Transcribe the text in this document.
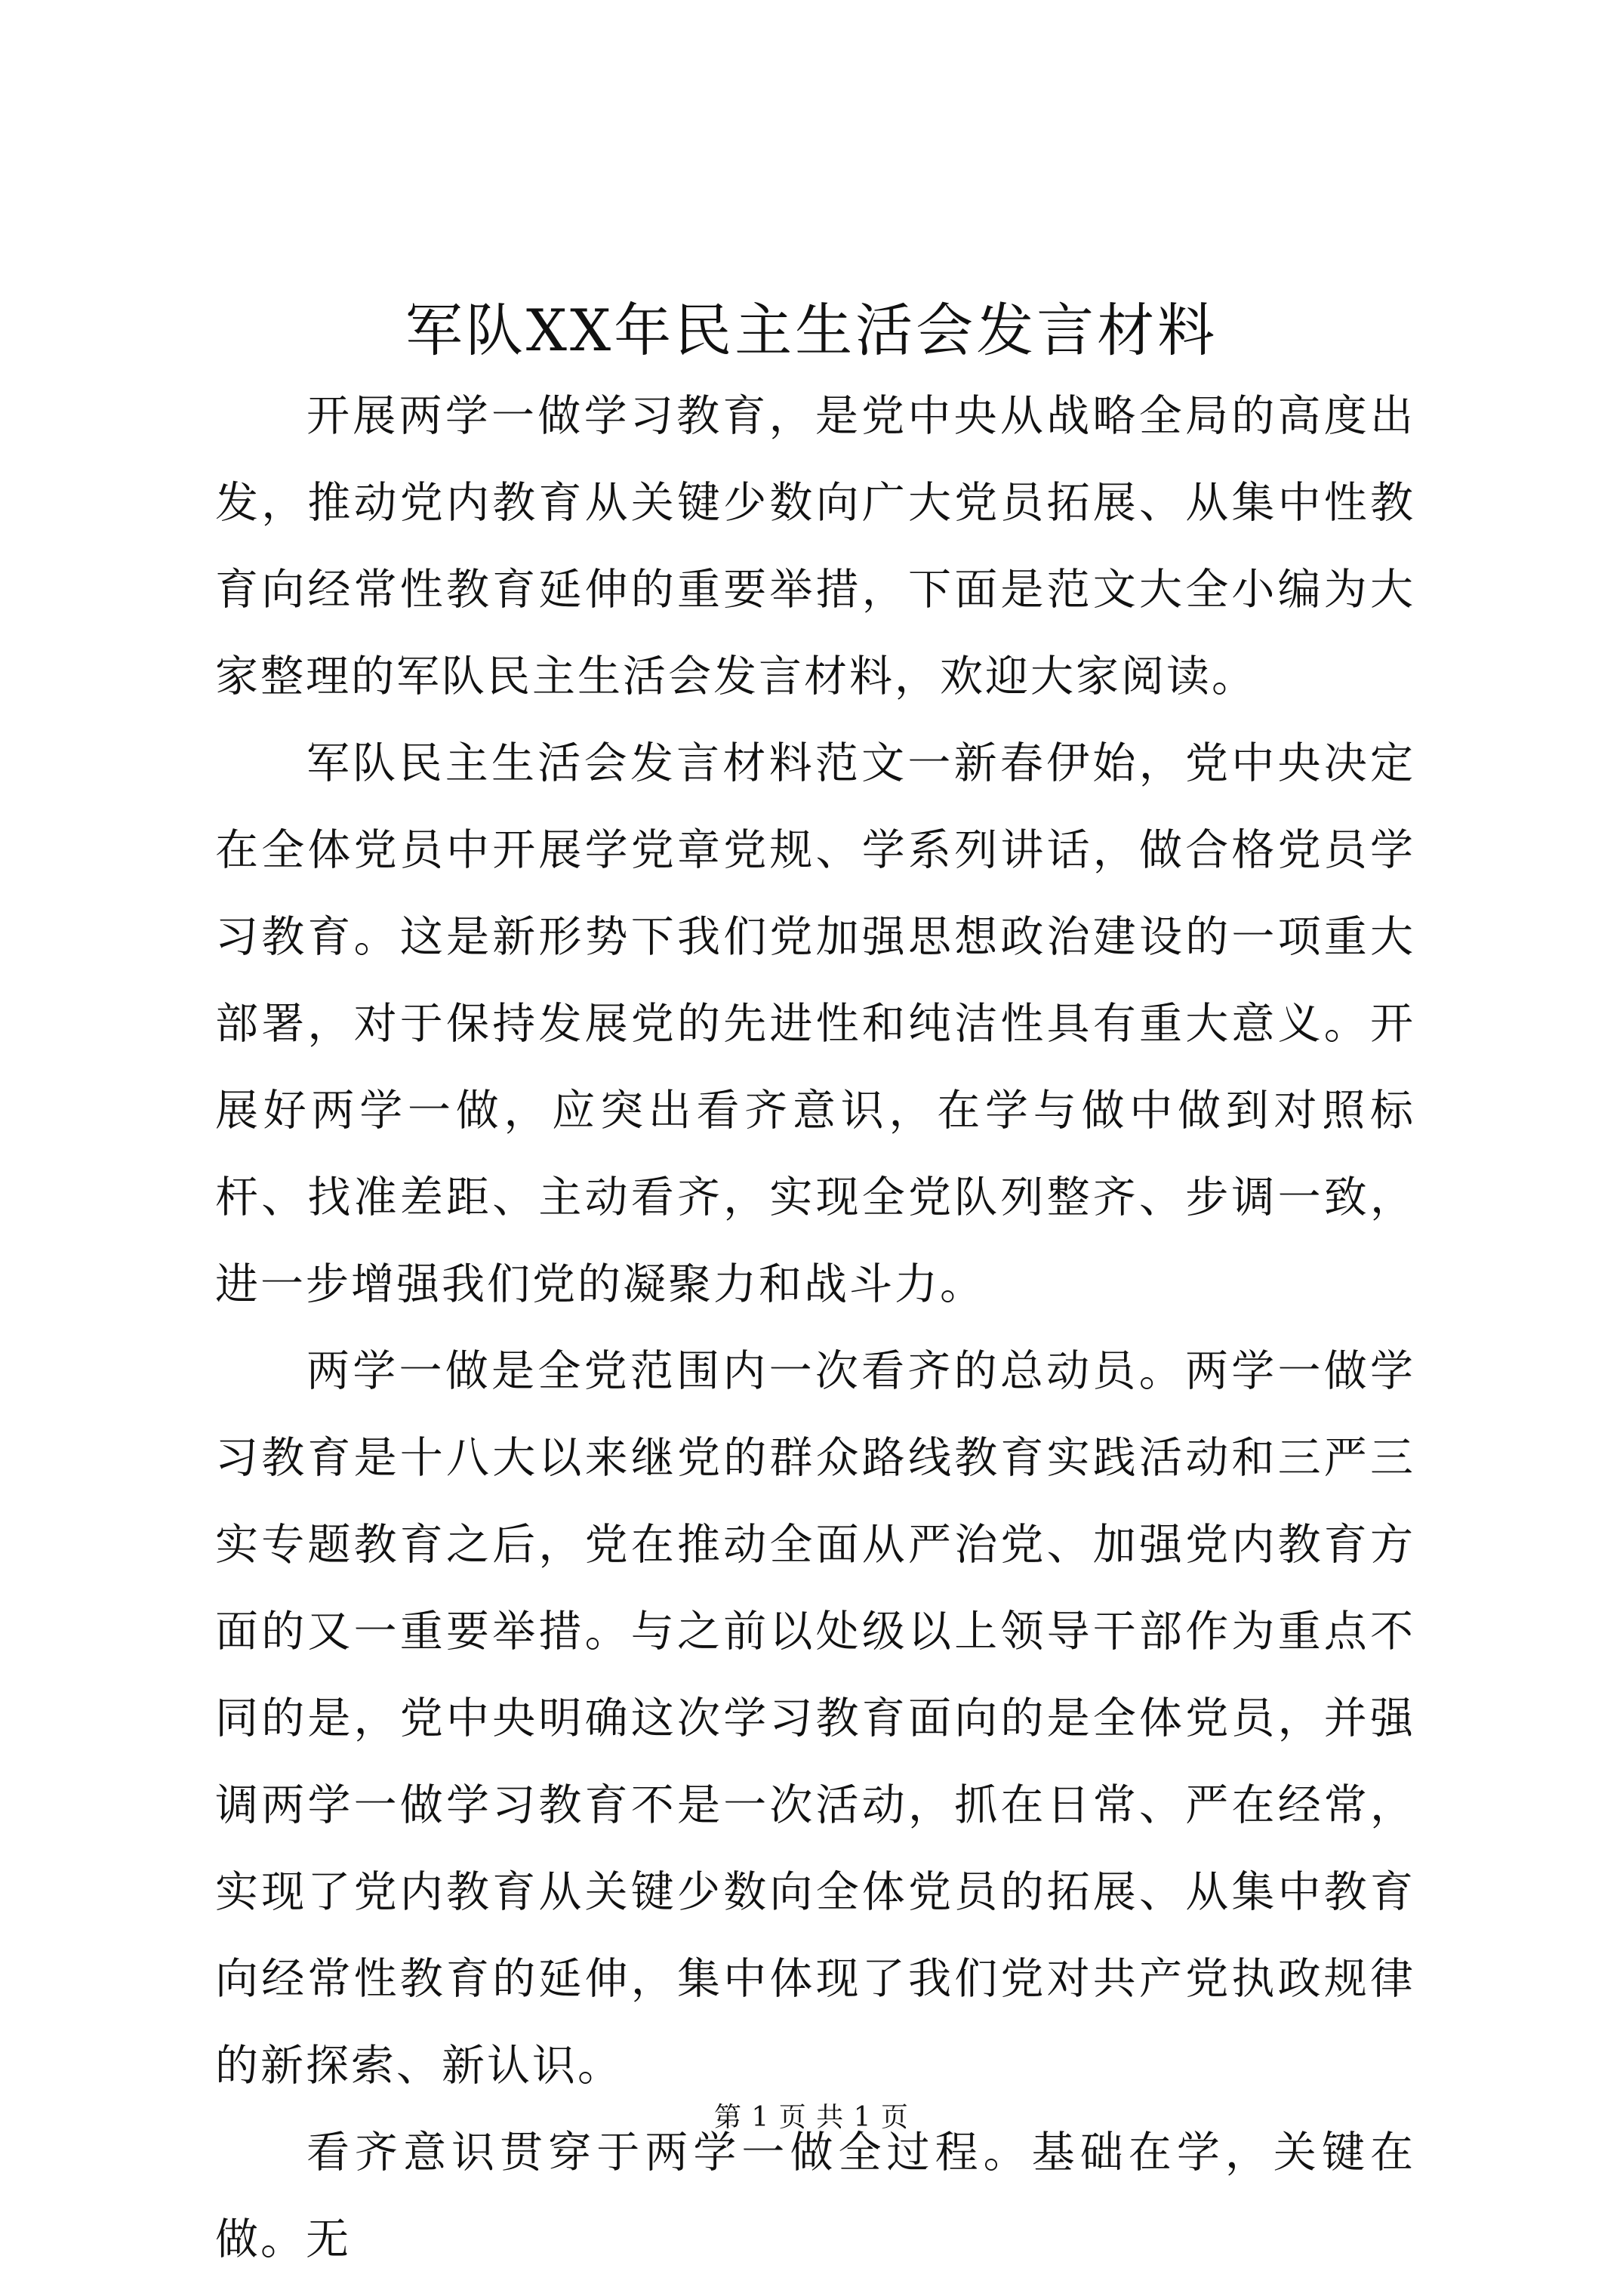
军队XX年民主生活会发言材料

开展两学一做学习教育，是党中央从战略全局的高度出发，推动党内教育从关键少数向广大党员拓展、从集中性教育向经常性教育延伸的重要举措，下面是范文大全小编为大家整理的军队民主生活会发言材料，欢迎大家阅读。

军队民主生活会发言材料范文一新春伊始，党中央决定在全体党员中开展学党章党规、学系列讲话，做合格党员学习教育。这是新形势下我们党加强思想政治建设的一项重大部署，对于保持发展党的先进性和纯洁性具有重大意义。开展好两学一做，应突出看齐意识，在学与做中做到对照标杆、找准差距、主动看齐，实现全党队列整齐、步调一致，进一步增强我们党的凝聚力和战斗力。

两学一做是全党范围内一次看齐的总动员。两学一做学习教育是十八大以来继党的群众路线教育实践活动和三严三实专题教育之后，党在推动全面从严治党、加强党内教育方面的又一重要举措。与之前以处级以上领导干部作为重点不同的是，党中央明确这次学习教育面向的是全体党员，并强调两学一做学习教育不是一次活动，抓在日常、严在经常，实现了党内教育从关键少数向全体党员的拓展、从集中教育向经常性教育的延伸，集中体现了我们党对共产党执政规律的新探索、新认识。

看齐意识贯穿于两学一做全过程。基础在学，关键在做。无

第 1 页 共 1 页
